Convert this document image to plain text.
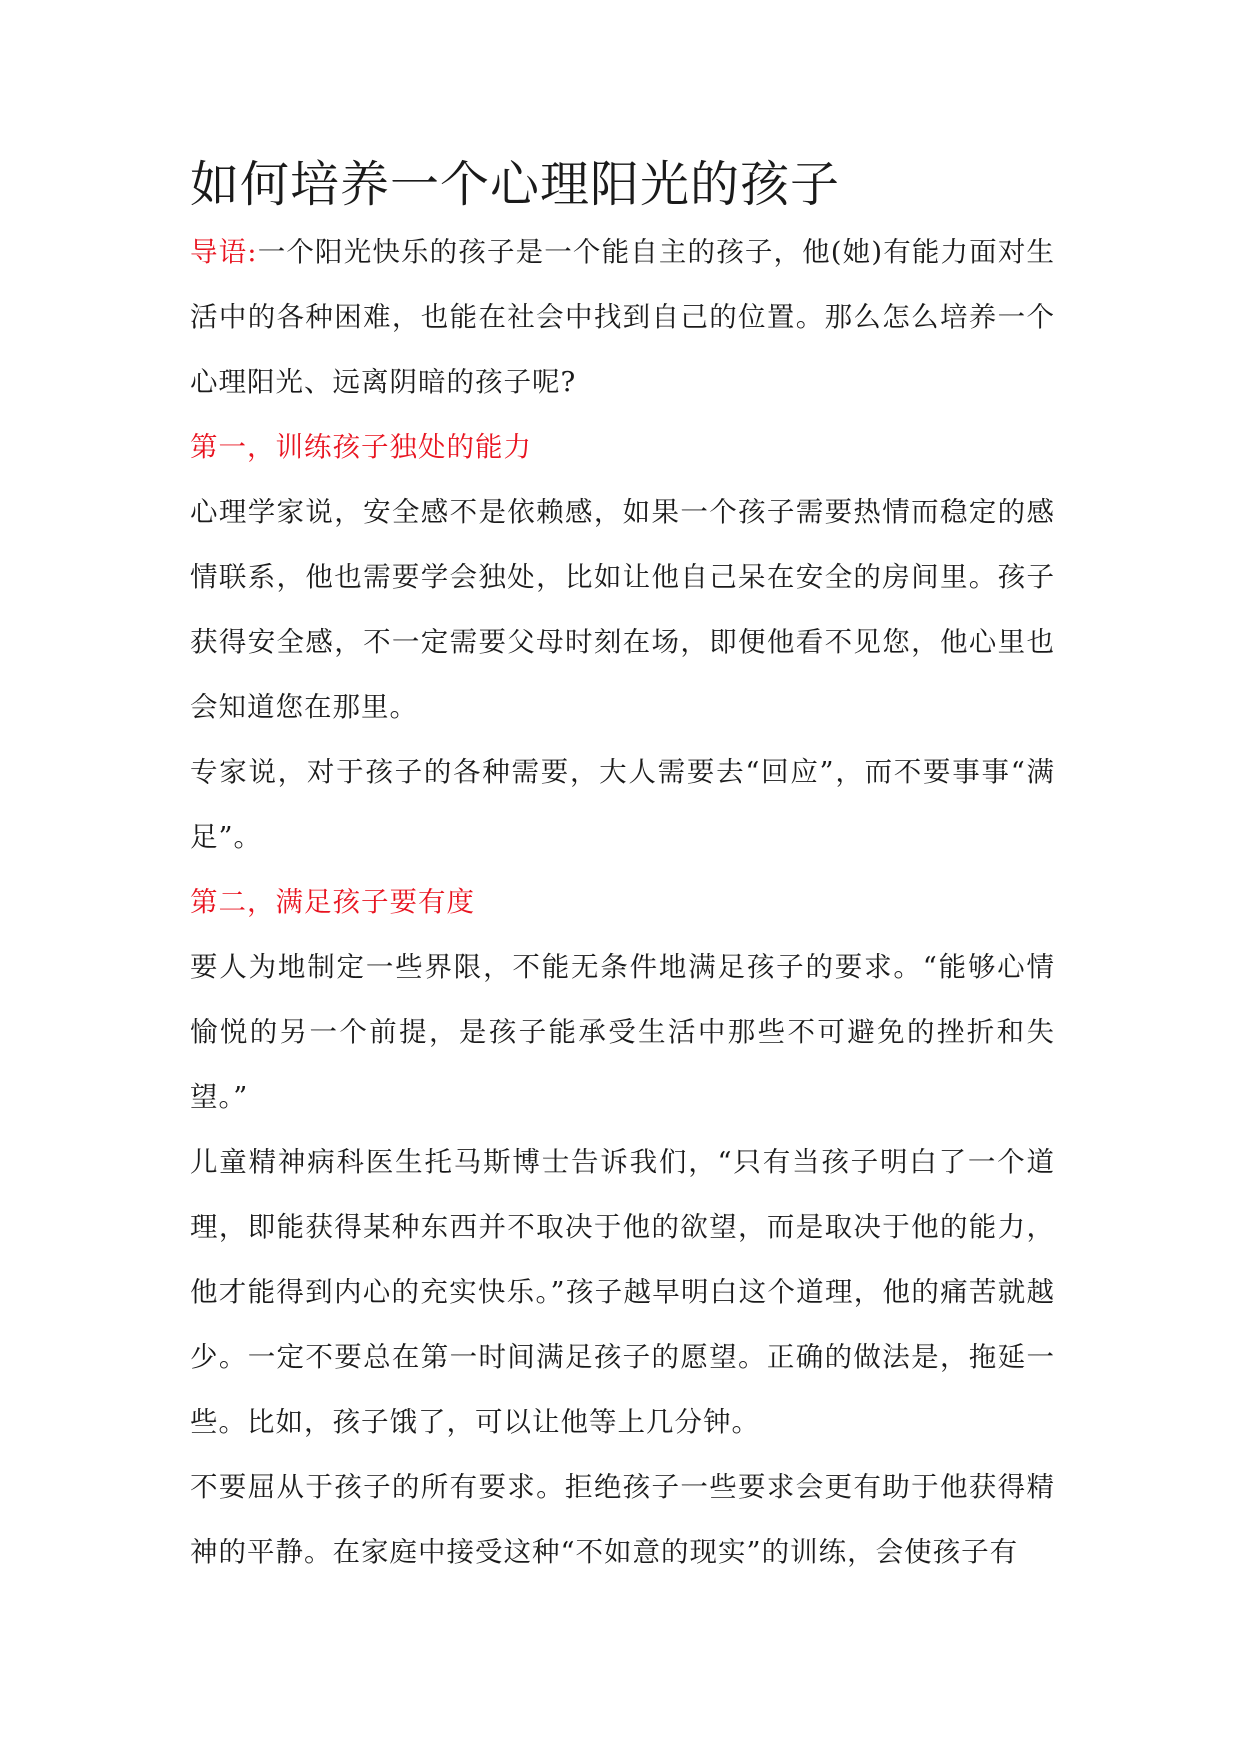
如何培养一个心理阳光的孩子

导语:一个阳光快乐的孩子是一个能自主的孩子，他(她)有能力面对生活中的各种困难，也能在社会中找到自己的位置。那么怎么培养一个心理阳光、远离阴暗的孩子呢?

第一，训练孩子独处的能力

心理学家说，安全感不是依赖感，如果一个孩子需要热情而稳定的感情联系，他也需要学会独处，比如让他自己呆在安全的房间里。孩子获得安全感，不一定需要父母时刻在场，即便他看不见您，他心里也会知道您在那里。

专家说，对于孩子的各种需要，大人需要去“回应”，而不要事事“满足”。

第二，满足孩子要有度

要人为地制定一些界限，不能无条件地满足孩子的要求。“能够心情愉悦的另一个前提，是孩子能承受生活中那些不可避免的挫折和失望。”

儿童精神病科医生托马斯博士告诉我们，“只有当孩子明白了一个道理，即能获得某种东西并不取决于他的欲望，而是取决于他的能力，他才能得到内心的充实快乐。”孩子越早明白这个道理，他的痛苦就越少。一定不要总在第一时间满足孩子的愿望。正确的做法是，拖延一些。比如，孩子饿了，可以让他等上几分钟。

不要屈从于孩子的所有要求。拒绝孩子一些要求会更有助于他获得精神的平静。在家庭中接受这种“不如意的现实”的训练，会使孩子有
